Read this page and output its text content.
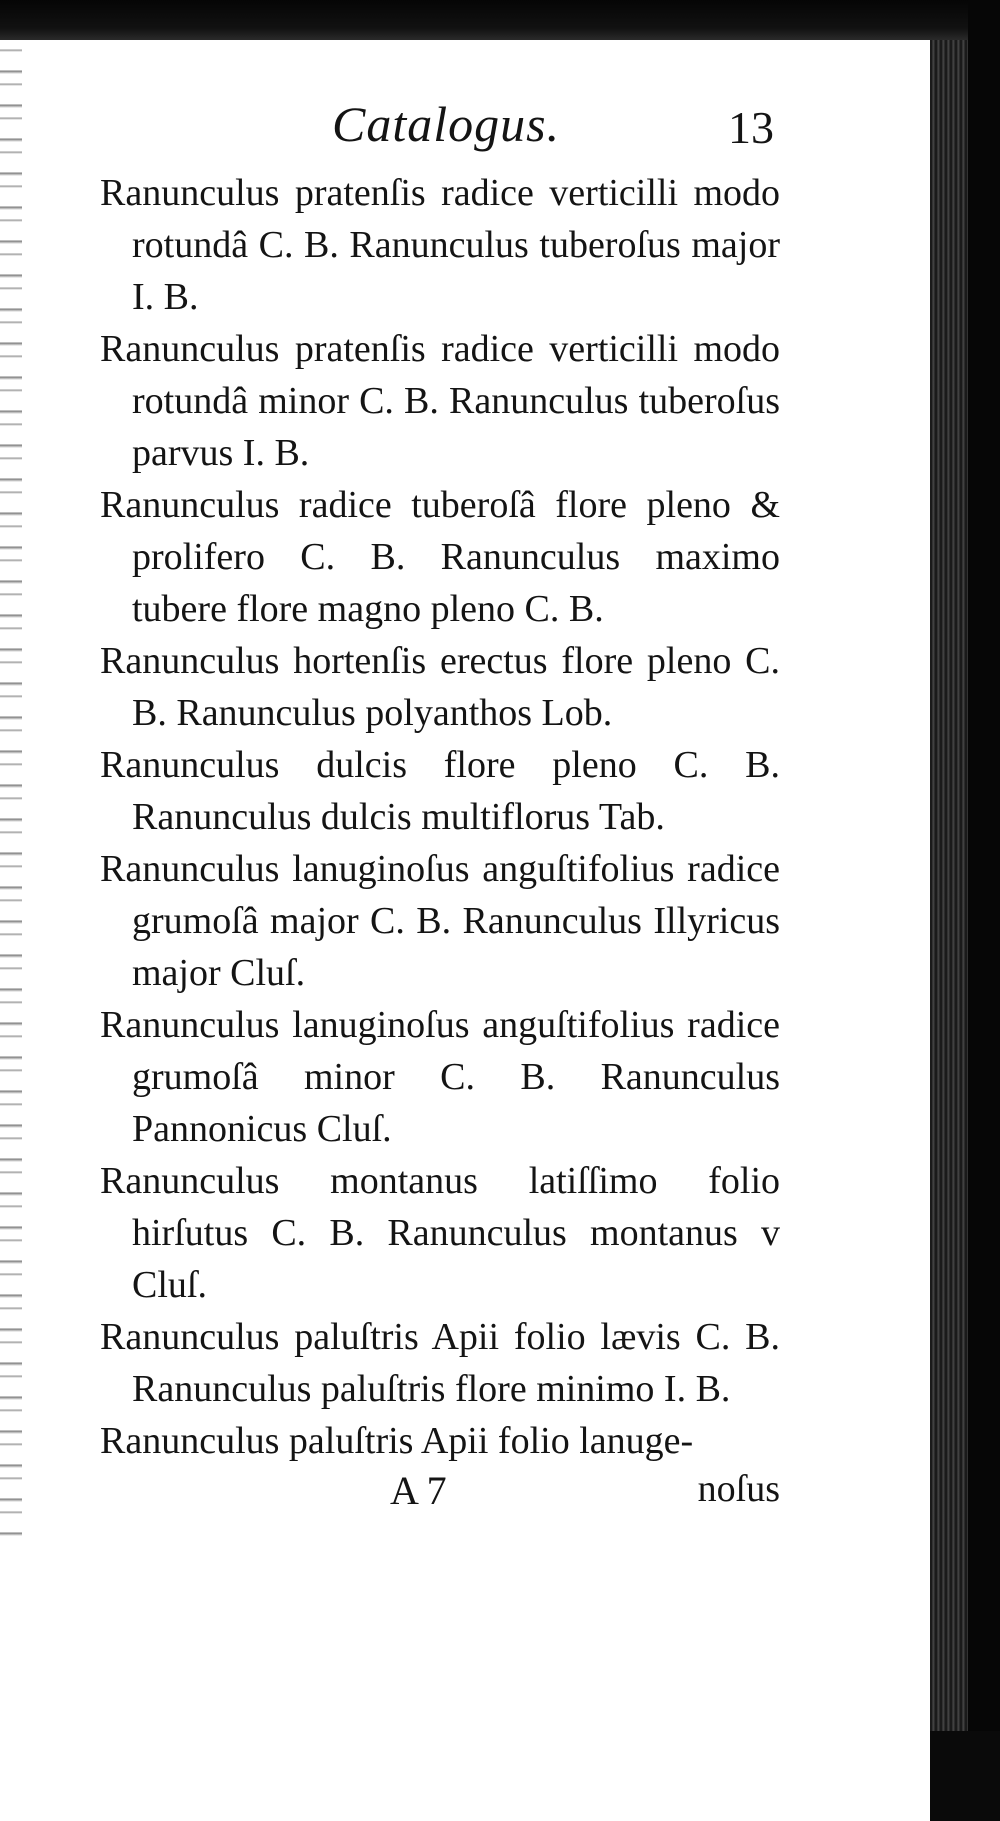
Catalogus.	13

Ranunculus pratenſis radice verticilli modo rotundâ C. B. Ranunculus tuberoſus major I. B.

Ranunculus pratenſis radice verticilli modo rotundâ minor C. B. Ranunculus tuberoſus parvus I. B.

Ranunculus radice tuberoſâ flore pleno & prolifero C. B. Ranunculus maximo tubere flore magno pleno C. B.

Ranunculus hortenſis erectus flore pleno C. B. Ranunculus polyanthos Lob.

Ranunculus dulcis flore pleno C. B. Ranunculus dulcis multiflorus Tab.

Ranunculus lanuginoſus anguſtifolius radice grumoſâ major C. B. Ranunculus Illyricus major Cluſ.

Ranunculus lanuginoſus anguſtifolius radice grumoſâ minor C. B. Ranunculus Pannonicus Cluſ.

Ranunculus montanus latiſſimo folio hirſutus C. B. Ranunculus montanus v Cluſ.

Ranunculus paluſtris Apii folio lævis C. B. Ranunculus paluſtris flore minimo I. B.

Ranunculus paluſtris Apii folio lanuge-

A 7	noſus
